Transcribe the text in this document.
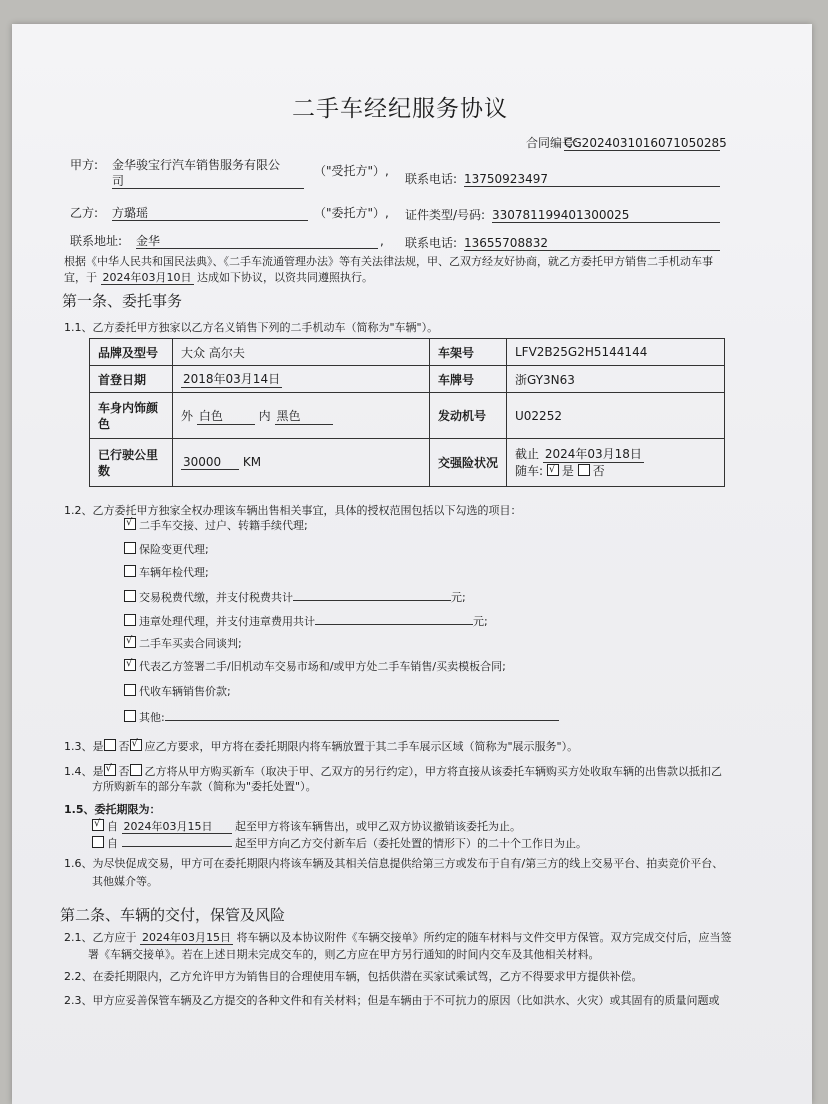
二手车经纪服务协议
合同编号:
CG2024031016071050285
甲方: 金华骏宝行汽车销售服务有限公
司
（"受托方"）,
联系电话: 13750923497
乙方: 方璐瑶	（"委托方"）, 证件类型/号码: 330781199401300025
联系地址: 金华	, 联系电话: 13655708832
根据《中华人民共和国民法典》、《二手车流通管理办法》等有关法律法规，甲、乙双方经友好协商，就乙方委托甲方销售二手机动车事
宜，于 2024年03月10日 达成如下协议，以资共同遵照执行。
第一条、委托事务
1.1、乙方委托甲方独家以乙方名义销售下列的二手机动车（简称为"车辆"）。
品牌及型号	大众 高尔夫	车架号	LFV2B25G2H5144144
首登日期	2018年03月14日	车牌号	浙GY3N63
车身内饰颜色	外 白色 内 黑色	发动机号	U02252
已行驶公里数	30000 KM	交强险状况	截止 2024年03月18日
随车: √ 是 否
1.2、乙方委托甲方独家全权办理该车辆出售相关事宜，具体的授权范围包括以下勾选的项目：
√二手车交接、过户、转籍手续代理;
保险变更代理;
车辆年检代理;
交易税费代缴，并支付税费共计	元;
违章处理代理，并支付违章费用共计	元;
√二手车买卖合同谈判;
√代表乙方签署二手/旧机动车交易市场和/或甲方处二手车销售/买卖模板合同;
代收车辆销售价款;
其他:
1.3、是 否 √ 应乙方要求，甲方将在委托期限内将车辆放置于其二手车展示区域（简称为"展示服务"）。
1.4、是 √ 否 乙方将从甲方购买新车（取决于甲、乙双方的另行约定），甲方将直接从该委托车辆购买方处收取车辆的出售款以抵扣乙
方所购新车的部分车款（简称为"委托处置"）。
1.5、委托期限为：
√自 2024年03月15日 起至甲方将该车辆售出，或甲乙双方协议撤销该委托为止。
自	起至甲方向乙方交付新车后（委托处置的情形下）的二十个工作日为止。
1.6、为尽快促成交易，甲方可在委托期限内将该车辆及其相关信息提供给第三方或发布于自有/第三方的线上交易平台、拍卖竞价平台、
其他媒介等。
第二条、车辆的交付，保管及风险
2.1、乙方应于 2024年03月15日 将车辆以及本协议附件《车辆交接单》所约定的随车材料与文件交甲方保管。双方完成交付后，应当签
署《车辆交接单》。若在上述日期未完成交车的，则乙方应在甲方另行通知的时间内交车及其他相关材料。
2.2、在委托期限内，乙方允许甲方为销售目的合理使用车辆，包括供潜在买家试乘试驾，乙方不得要求甲方提供补偿。
2.3、甲方应妥善保管车辆及乙方提交的各种文件和有关材料；但是车辆由于不可抗力的原因（比如洪水、火灾）或其固有的质量问题或
